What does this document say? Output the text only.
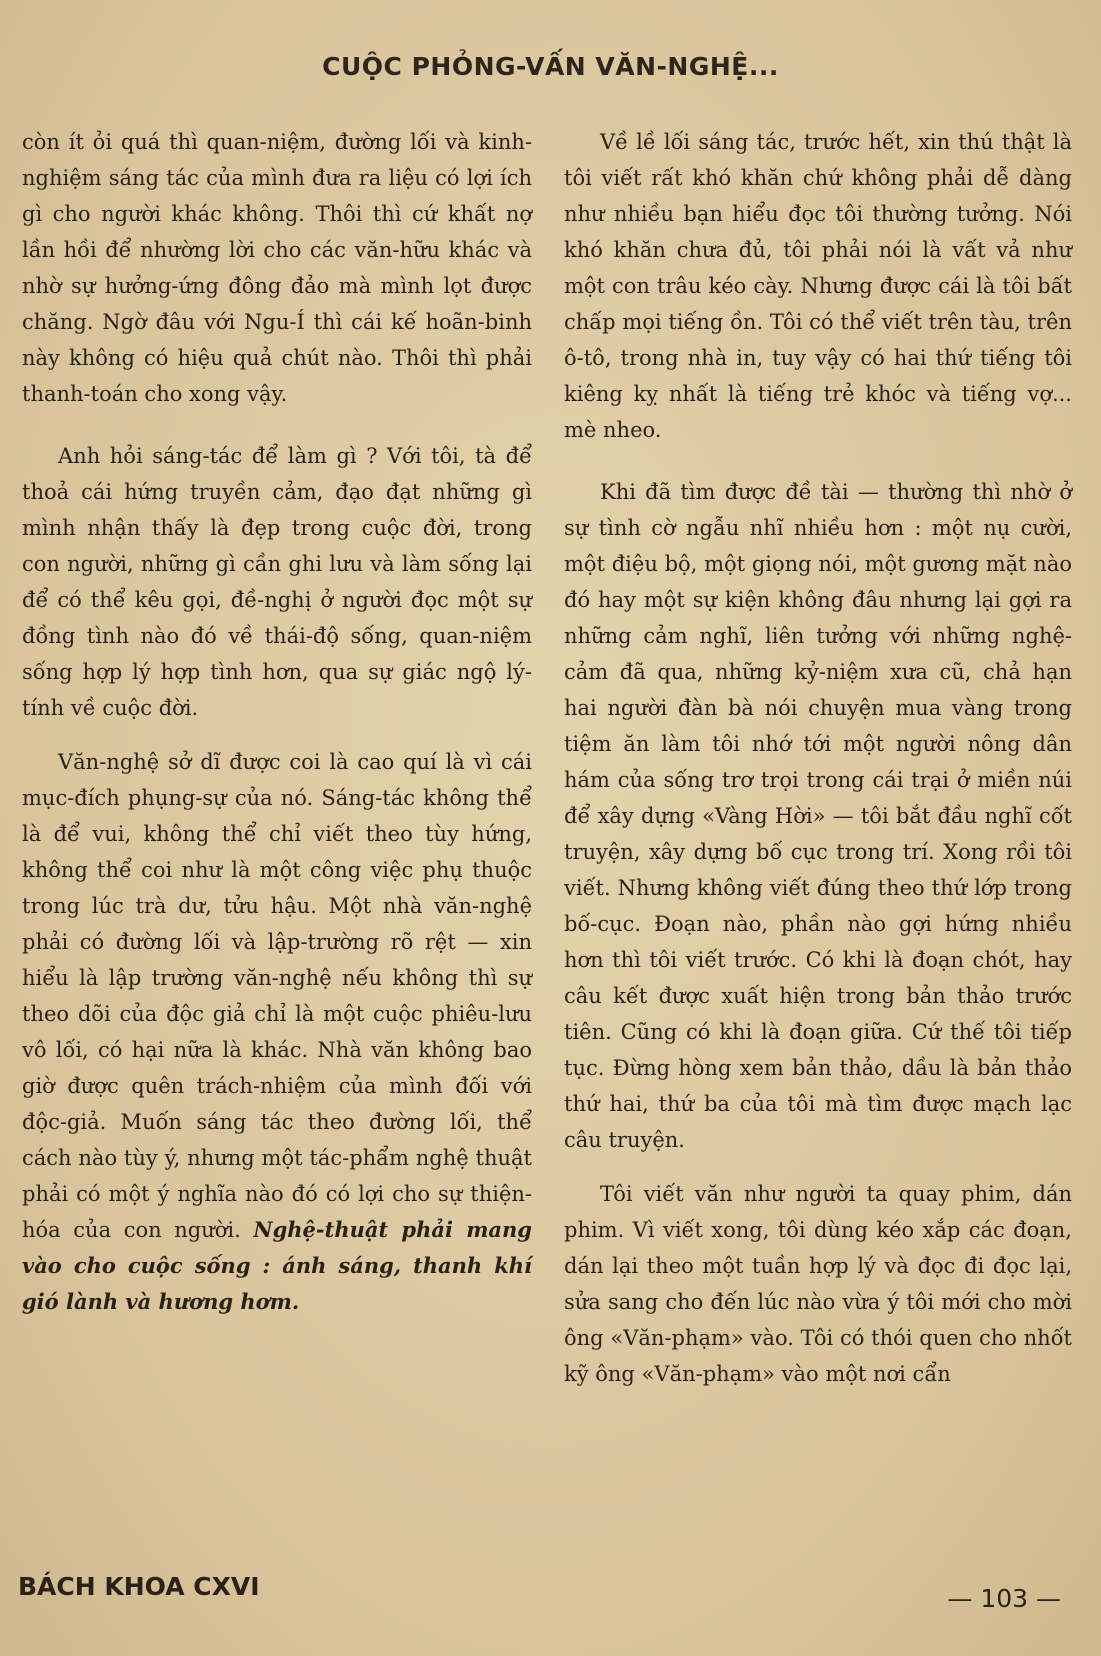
CUỘC PHỎNG-VẤN VĂN-NGHỆ...

còn ít ỏi quá thì quan-niệm, đường lối và kinh-nghiệm sáng tác của mình đưa ra liệu có lợi ích gì cho người khác không. Thôi thì cứ khất nợ lần hồi để nhường lời cho các văn-hữu khác và nhờ sự hưởng-ứng đông đảo mà mình lọt được chăng. Ngờ đâu với Ngu-Í thì cái kế hoãn-binh này không có hiệu quả chút nào. Thôi thì phải thanh-toán cho xong vậy.

Anh hỏi sáng-tác để làm gì ? Với tôi, tà để thoả cái hứng truyền cảm, đạo đạt những gì mình nhận thấy là đẹp trong cuộc đời, trong con người, những gì cần ghi lưu và làm sống lại để có thể kêu gọi, đề-nghị ở người đọc một sự đồng tình nào đó về thái-độ sống, quan-niệm sống hợp lý hợp tình hơn, qua sự giác ngộ lý-tính về cuộc đời.

Văn-nghệ sở dĩ được coi là cao quí là vì cái mục-đích phụng-sự của nó. Sáng-tác không thể là để vui, không thể chỉ viết theo tùy hứng, không thể coi như là một công việc phụ thuộc trong lúc trà dư, tửu hậu. Một nhà văn-nghệ phải có đường lối và lập-trường rõ rệt — xin hiểu là lập trường văn-nghệ nếu không thì sự theo dõi của độc giả chỉ là một cuộc phiêu-lưu vô lối, có hại nữa là khác. Nhà văn không bao giờ được quên trách-nhiệm của mình đối với độc-giả. Muốn sáng tác theo đường lối, thể cách nào tùy ý, nhưng một tác-phẩm nghệ thuật phải có một ý nghĩa nào đó có lợi cho sự thiện-hóa của con người. Nghệ-thuật phải mang vào cho cuộc sống : ánh sáng, thanh khí gió lành và hương hơm.

Về lề lối sáng tác, trước hết, xin thú thật là tôi viết rất khó khăn chứ không phải dễ dàng như nhiều bạn hiểu đọc tôi thường tưởng. Nói khó khăn chưa đủ, tôi phải nói là vất vả như một con trâu kéo cày. Nhưng được cái là tôi bất chấp mọi tiếng ồn. Tôi có thể viết trên tàu, trên ô-tô, trong nhà in, tuy vậy có hai thứ tiếng tôi kiêng kỵ nhất là tiếng trẻ khóc và tiếng vợ... mè nheo.

Khi đã tìm được đề tài — thường thì nhờ ở sự tình cờ ngẫu nhĩ nhiều hơn : một nụ cười, một điệu bộ, một giọng nói, một gương mặt nào đó hay một sự kiện không đâu nhưng lại gợi ra những cảm nghĩ, liên tưởng với những nghệ-cảm đã qua, những kỷ-niệm xưa cũ, chả hạn hai người đàn bà nói chuyện mua vàng trong tiệm ăn làm tôi nhớ tới một người nông dân hám của sống trơ trọi trong cái trại ở miền núi để xây dựng «Vàng Hời» — tôi bắt đầu nghĩ cốt truyện, xây dựng bố cục trong trí. Xong rồi tôi viết. Nhưng không viết đúng theo thứ lớp trong bố-cục. Đoạn nào, phần nào gợi hứng nhiều hơn thì tôi viết trước. Có khi là đoạn chót, hay câu kết được xuất hiện trong bản thảo trước tiên. Cũng có khi là đoạn giữa. Cứ thế tôi tiếp tục. Đừng hòng xem bản thảo, dầu là bản thảo thứ hai, thứ ba của tôi mà tìm được mạch lạc câu truyện.

Tôi viết văn như người ta quay phim, dán phim. Vì viết xong, tôi dùng kéo xắp các đoạn, dán lại theo một tuần hợp lý và đọc đi đọc lại, sửa sang cho đến lúc nào vừa ý tôi mới cho mời ông «Văn-phạm» vào. Tôi có thói quen cho nhốt kỹ ông «Văn-phạm» vào một nơi cẩn

BÁCH KHOA CXVI	— 103 —
